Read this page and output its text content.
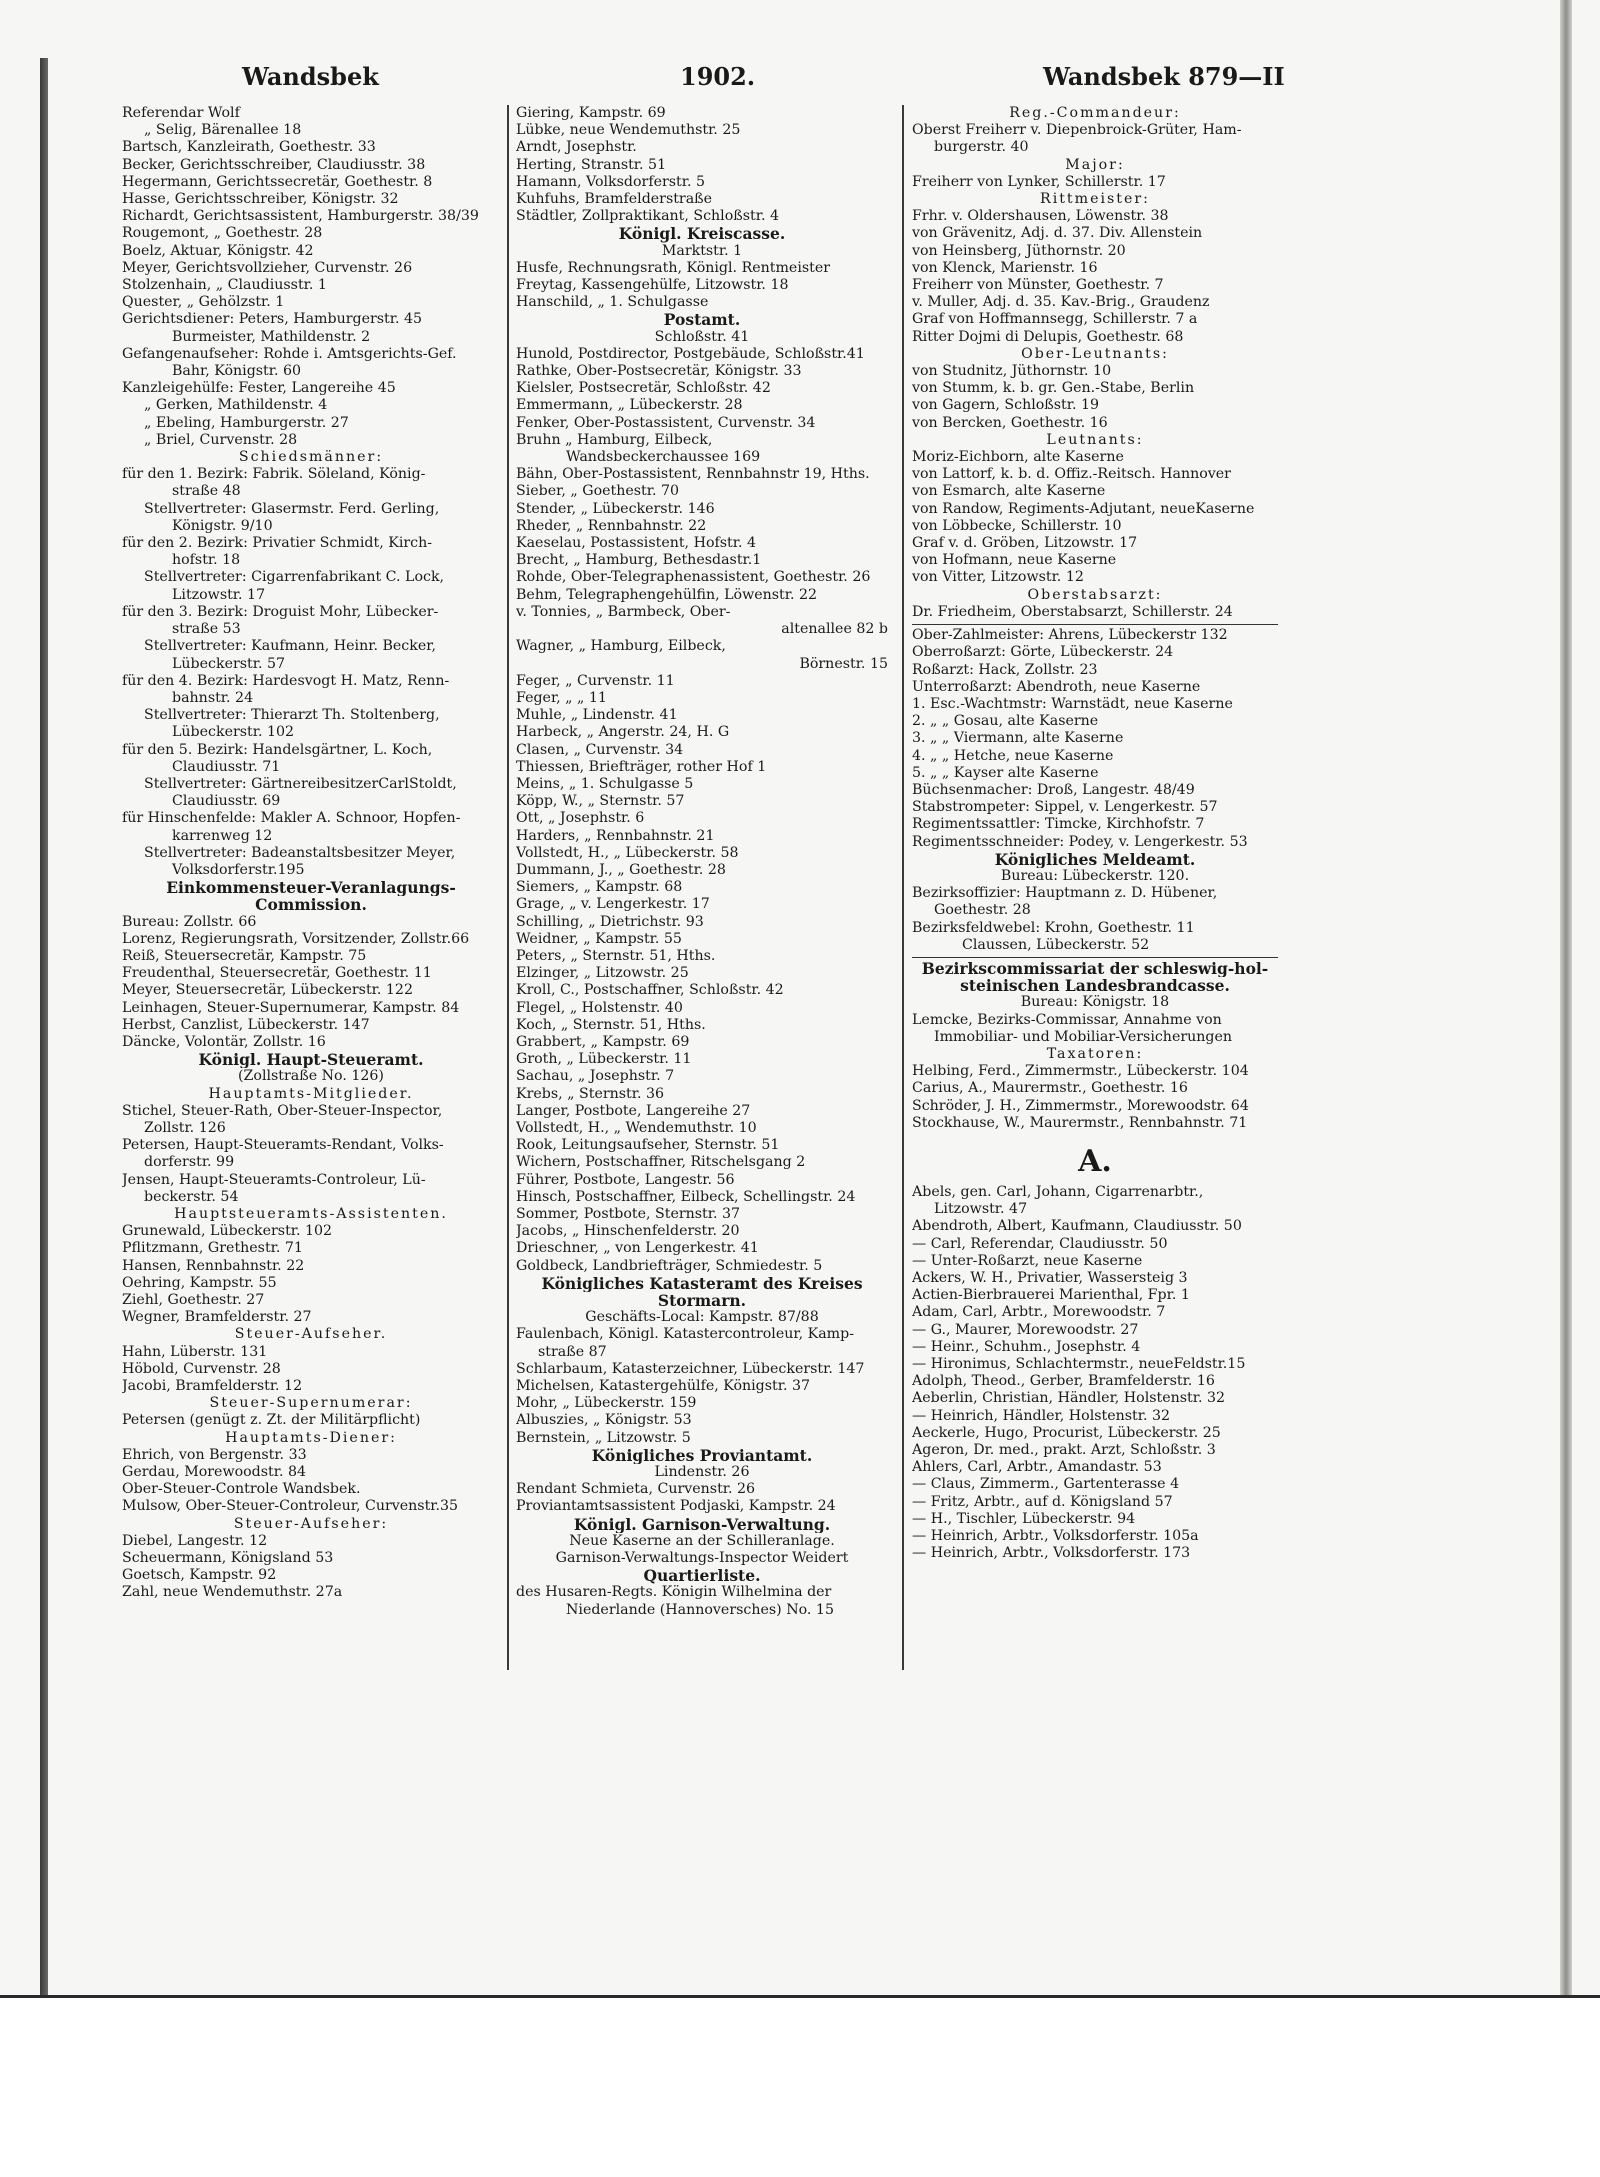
Wandsbek	1902.	Wandsbek 879—II
Referendar Wolf
„ Selig, Bärenallee 18
Bartsch, Kanzleirath, Goethestr. 33
Becker, Gerichtsschreiber, Claudiusstr. 38
Hegermann, Gerichtssecretär, Goethestr. 8
Hasse, Gerichtsschreiber, Königstr. 32
Richardt, Gerichtsassistent, Hamburgerstr. 38/39
Rougemont, „ Goethestr. 28
Boelz, Aktuar, Königstr. 42
Meyer, Gerichtsvollzieher, Curvenstr. 26
Stolzenhain, „ Claudiusstr. 1
Quester, „ Gehölzstr. 1
Gerichtsdiener: Peters, Hamburgerstr. 45
Burmeister, Mathildenstr. 2
Gefangenaufseher: Rohde i. Amtsgerichts-Gef.
Bahr, Königstr. 60
Kanzleigehülfe: Fester, Langereihe 45
„ Gerken, Mathildenstr. 4
„ Ebeling, Hamburgerstr. 27
„ Briel, Curvenstr. 28
Schiedsmänner:
für den 1. Bezirk: Fabrik. Söleland, König-
straße 48
Stellvertreter: Glasermstr. Ferd. Gerling,
Königstr. 9/10
für den 2. Bezirk: Privatier Schmidt, Kirch-
hofstr. 18
Stellvertreter: Cigarrenfabrikant C. Lock,
Litzowstr. 17
für den 3. Bezirk: Droguist Mohr, Lübecker-
straße 53
Stellvertreter: Kaufmann, Heinr. Becker,
Lübeckerstr. 57
für den 4. Bezirk: Hardesvogt H. Matz, Renn-
bahnstr. 24
Stellvertreter: Thierarzt Th. Stoltenberg,
Lübeckerstr. 102
für den 5. Bezirk: Handelsgärtner, L. Koch,
Claudiusstr. 71
Stellvertreter: GärtnereibesitzerCarlStoldt,
Claudiusstr. 69
für Hinschenfelde: Makler A. Schnoor, Hopfen-
karrenweg 12
Stellvertreter: Badeanstaltsbesitzer Meyer,
Volksdorferstr.195
Einkommensteuer-Veranlagungs-
Commission.
Bureau: Zollstr. 66
Lorenz, Regierungsrath, Vorsitzender, Zollstr.66
Reiß, Steuersecretär, Kampstr. 75
Freudenthal, Steuersecretär, Goethestr. 11
Meyer, Steuersecretär, Lübeckerstr. 122
Leinhagen, Steuer-Supernumerar, Kampstr. 84
Herbst, Canzlist, Lübeckerstr. 147
Däncke, Volontär, Zollstr. 16
Königl. Haupt-Steueramt.
(Zollstraße No. 126)
Hauptamts-Mitglieder.
Stichel, Steuer-Rath, Ober-Steuer-Inspector,
Zollstr. 126
Petersen, Haupt-Steueramts-Rendant, Volks-
dorferstr. 99
Jensen, Haupt-Steueramts-Controleur, Lü-
beckerstr. 54
Hauptsteueramts-Assistenten.
Grunewald, Lübeckerstr. 102
Pflitzmann, Grethestr. 71
Hansen, Rennbahnstr. 22
Oehring, Kampstr. 55
Ziehl, Goethestr. 27
Wegner, Bramfelderstr. 27
Steuer-Aufseher.
Hahn, Lüberstr. 131
Höbold, Curvenstr. 28
Jacobi, Bramfelderstr. 12
Steuer-Supernumerar:
Petersen (genügt z. Zt. der Militärpflicht)
Hauptamts-Diener:
Ehrich, von Bergenstr. 33
Gerdau, Morewoodstr. 84
Ober-Steuer-Controle Wandsbek.
Mulsow, Ober-Steuer-Controleur, Curvenstr.35
Steuer-Aufseher:
Diebel, Langestr. 12
Scheuermann, Königsland 53
Goetsch, Kampstr. 92
Zahl, neue Wendemuthstr. 27a
Giering, Kampstr. 69
Lübke, neue Wendemuthstr. 25
Arndt, Josephstr.
Herting, Stranstr. 51
Hamann, Volksdorferstr. 5
Kuhfuhs, Bramfelderstraße
Städtler, Zollpraktikant, Schloßstr. 4
Königl. Kreiscasse.
Marktstr. 1
Husfe, Rechnungsrath, Königl. Rentmeister
Freytag, Kassengehülfe, Litzowstr. 18
Hanschild, „ 1. Schulgasse
Postamt.
Schloßstr. 41
Hunold, Postdirector, Postgebäude, Schloßstr.41
Rathke, Ober-Postsecretär, Königstr. 33
Kielsler, Postsecretär, Schloßstr. 42
Emmermann, „ Lübeckerstr. 28
Fenker, Ober-Postassistent, Curvenstr. 34
Bruhn „ Hamburg, Eilbeck,
Wandsbeckerchaussee 169
Bähn, Ober-Postassistent, Rennbahnstr 19, Hths.
Sieber, „ Goethestr. 70
Stender, „ Lübeckerstr. 146
Rheder, „ Rennbahnstr. 22
Kaeselau, Postassistent, Hofstr. 4
Brecht, „ Hamburg, Bethesdastr.1
Rohde, Ober-Telegraphenassistent, Goethestr. 26
Behm, Telegraphengehülfin, Löwenstr. 22
v. Tonnies, „ Barmbeck, Ober-
altenallee 82 b
Wagner, „ Hamburg, Eilbeck,
Börnestr. 15
Feger, „ Curvenstr. 11
Feger, „ „ 11
Muhle, „ Lindenstr. 41
Harbeck, „ Angerstr. 24, H. G
Clasen, „ Curvenstr. 34
Thiessen, Briefträger, rother Hof 1
Meins, „ 1. Schulgasse 5
Köpp, W., „ Sternstr. 57
Ott, „ Josephstr. 6
Harders, „ Rennbahnstr. 21
Vollstedt, H., „ Lübeckerstr. 58
Dummann, J., „ Goethestr. 28
Siemers, „ Kampstr. 68
Grage, „ v. Lengerkestr. 17
Schilling, „ Dietrichstr. 93
Weidner, „ Kampstr. 55
Peters, „ Sternstr. 51, Hths.
Elzinger, „ Litzowstr. 25
Kroll, C., Postschaffner, Schloßstr. 42
Flegel, „ Holstenstr. 40
Koch, „ Sternstr. 51, Hths.
Grabbert, „ Kampstr. 69
Groth, „ Lübeckerstr. 11
Sachau, „ Josephstr. 7
Krebs, „ Sternstr. 36
Langer, Postbote, Langereihe 27
Vollstedt, H., „ Wendemuthstr. 10
Rook, Leitungsaufseher, Sternstr. 51
Wichern, Postschaffner, Ritschelsgang 2
Führer, Postbote, Langestr. 56
Hinsch, Postschaffner, Eilbeck, Schellingstr. 24
Sommer, Postbote, Sternstr. 37
Jacobs, „ Hinschenfelderstr. 20
Drieschner, „ von Lengerkestr. 41
Goldbeck, Landbriefträger, Schmiedestr. 5
Königliches Katasteramt des Kreises
Stormarn.
Geschäfts-Local: Kampstr. 87/88
Faulenbach, Königl. Katastercontroleur, Kamp-
straße 87
Schlarbaum, Katasterzeichner, Lübeckerstr. 147
Michelsen, Katastergehülfe, Königstr. 37
Mohr, „ Lübeckerstr. 159
Albuszies, „ Königstr. 53
Bernstein, „ Litzowstr. 5
Königliches Proviantamt.
Lindenstr. 26
Rendant Schmieta, Curvenstr. 26
Proviantamtsassistent Podjaski, Kampstr. 24
Königl. Garnison-Verwaltung.
Neue Kaserne an der Schilleranlage.
Garnison-Verwaltungs-Inspector Weidert
Quartierliste.
des Husaren-Regts. Königin Wilhelmina der
Niederlande (Hannoversches) No. 15
Reg.-Commandeur:
Oberst Freiherr v. Diepenbroick-Grüter, Ham-
burgerstr. 40
Major:
Freiherr von Lynker, Schillerstr. 17
Rittmeister:
Frhr. v. Oldershausen, Löwenstr. 38
von Grävenitz, Adj. d. 37. Div. Allenstein
von Heinsberg, Jüthornstr. 20
von Klenck, Marienstr. 16
Freiherr von Münster, Goethestr. 7
v. Muller, Adj. d. 35. Kav.-Brig., Graudenz
Graf von Hoffmannsegg, Schillerstr. 7 a
Ritter Dojmi di Delupis, Goethestr. 68
Ober-Leutnants:
von Studnitz, Jüthornstr. 10
von Stumm, k. b. gr. Gen.-Stabe, Berlin
von Gagern, Schloßstr. 19
von Bercken, Goethestr. 16
Leutnants:
Moriz-Eichborn, alte Kaserne
von Lattorf, k. b. d. Offiz.-Reitsch. Hannover
von Esmarch, alte Kaserne
von Randow, Regiments-Adjutant, neueKaserne
von Löbbecke, Schillerstr. 10
Graf v. d. Gröben, Litzowstr. 17
von Hofmann, neue Kaserne
von Vitter, Litzowstr. 12
Oberstabsarzt:
Dr. Friedheim, Oberstabsarzt, Schillerstr. 24
Ober-Zahlmeister: Ahrens, Lübeckerstr 132
Oberroßarzt: Görte, Lübeckerstr. 24
Roßarzt: Hack, Zollstr. 23
Unterroßarzt: Abendroth, neue Kaserne
1. Esc.-Wachtmstr: Warnstädt, neue Kaserne
2. „ „ Gosau, alte Kaserne
3. „ „ Viermann, alte Kaserne
4. „ „ Hetche, neue Kaserne
5. „ „ Kayser alte Kaserne
Büchsenmacher: Droß, Langestr. 48/49
Stabstrompeter: Sippel, v. Lengerkestr. 57
Regimentssattler: Timcke, Kirchhofstr. 7
Regimentsschneider: Podey, v. Lengerkestr. 53
Königliches Meldeamt.
Bureau: Lübeckerstr. 120.
Bezirksoffizier: Hauptmann z. D. Hübener,
Goethestr. 28
Bezirksfeldwebel: Krohn, Goethestr. 11
Claussen, Lübeckerstr. 52
Bezirkscommissariat der schleswig-hol-
steinischen Landesbrandcasse.
Bureau: Königstr. 18
Lemcke, Bezirks-Commissar, Annahme von
Immobiliar- und Mobiliar-Versicherungen
Taxatoren:
Helbing, Ferd., Zimmermstr., Lübeckerstr. 104
Carius, A., Maurermstr., Goethestr. 16
Schröder, J. H., Zimmermstr., Morewoodstr. 64
Stockhause, W., Maurermstr., Rennbahnstr. 71
A.
Abels, gen. Carl, Johann, Cigarrenarbtr.,
Litzowstr. 47
Abendroth, Albert, Kaufmann, Claudiusstr. 50
— Carl, Referendar, Claudiusstr. 50
— Unter-Roßarzt, neue Kaserne
Ackers, W. H., Privatier, Wassersteig 3
Actien-Bierbrauerei Marienthal, Fpr. 1
Adam, Carl, Arbtr., Morewoodstr. 7
— G., Maurer, Morewoodstr. 27
— Heinr., Schuhm., Josephstr. 4
— Hironimus, Schlachtermstr., neueFeldstr.15
Adolph, Theod., Gerber, Bramfelderstr. 16
Aeberlin, Christian, Händler, Holstenstr. 32
— Heinrich, Händler, Holstenstr. 32
Aeckerle, Hugo, Procurist, Lübeckerstr. 25
Ageron, Dr. med., prakt. Arzt, Schloßstr. 3
Ahlers, Carl, Arbtr., Amandastr. 53
— Claus, Zimmerm., Gartenterasse 4
— Fritz, Arbtr., auf d. Königsland 57
— H., Tischler, Lübeckerstr. 94
— Heinrich, Arbtr., Volksdorferstr. 105a
— Heinrich, Arbtr., Volksdorferstr. 173
